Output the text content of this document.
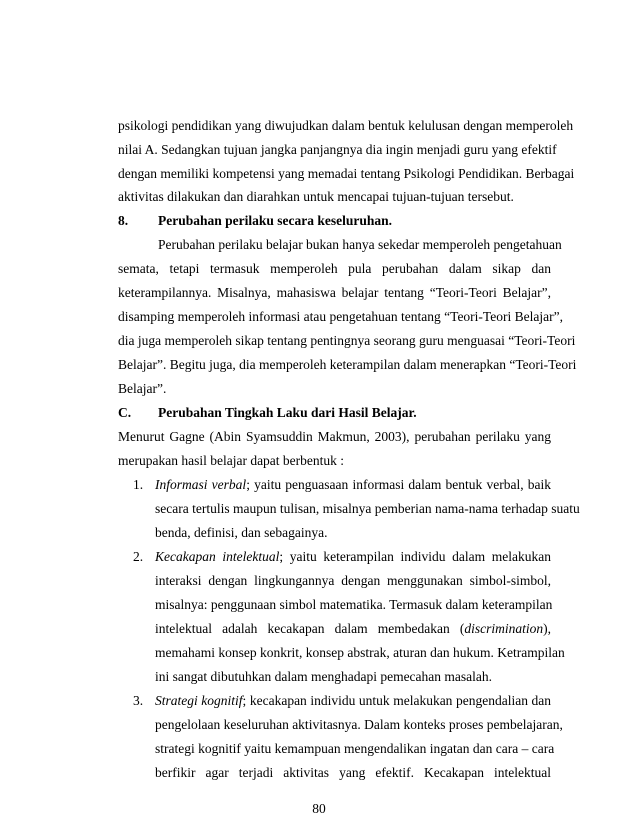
psikologi pendidikan yang diwujudkan dalam bentuk kelulusan dengan memperoleh
nilai A. Sedangkan tujuan jangka panjangnya dia ingin menjadi guru yang efektif
dengan memiliki kompetensi yang memadai tentang Psikologi Pendidikan. Berbagai
aktivitas dilakukan dan diarahkan untuk mencapai tujuan-tujuan tersebut.
8. Perubahan perilaku secara keseluruhan.
Perubahan perilaku belajar bukan hanya sekedar memperoleh pengetahuan
semata, tetapi termasuk memperoleh pula perubahan dalam sikap dan
keterampilannya. Misalnya, mahasiswa belajar tentang “Teori-Teori Belajar”,
disamping memperoleh informasi atau pengetahuan tentang “Teori-Teori Belajar”,
dia juga memperoleh sikap tentang pentingnya seorang guru menguasai “Teori-Teori
Belajar”. Begitu juga, dia memperoleh keterampilan dalam menerapkan “Teori-Teori
Belajar”.
C. Perubahan Tingkah Laku dari Hasil Belajar.
Menurut Gagne (Abin Syamsuddin Makmun, 2003), perubahan perilaku yang
merupakan hasil belajar dapat berbentuk :
1. Informasi verbal; yaitu penguasaan informasi dalam bentuk verbal, baik
secara tertulis maupun tulisan, misalnya pemberian nama-nama terhadap suatu
benda, definisi, dan sebagainya.
2. Kecakapan intelektual; yaitu keterampilan individu dalam melakukan
interaksi dengan lingkungannya dengan menggunakan simbol-simbol,
misalnya: penggunaan simbol matematika. Termasuk dalam keterampilan
intelektual adalah kecakapan dalam membedakan (discrimination),
memahami konsep konkrit, konsep abstrak, aturan dan hukum. Ketrampilan
ini sangat dibutuhkan dalam menghadapi pemecahan masalah.
3. Strategi kognitif; kecakapan individu untuk melakukan pengendalian dan
pengelolaan keseluruhan aktivitasnya. Dalam konteks proses pembelajaran,
strategi kognitif yaitu kemampuan mengendalikan ingatan dan cara – cara
berfikir agar terjadi aktivitas yang efektif. Kecakapan intelektual
80
